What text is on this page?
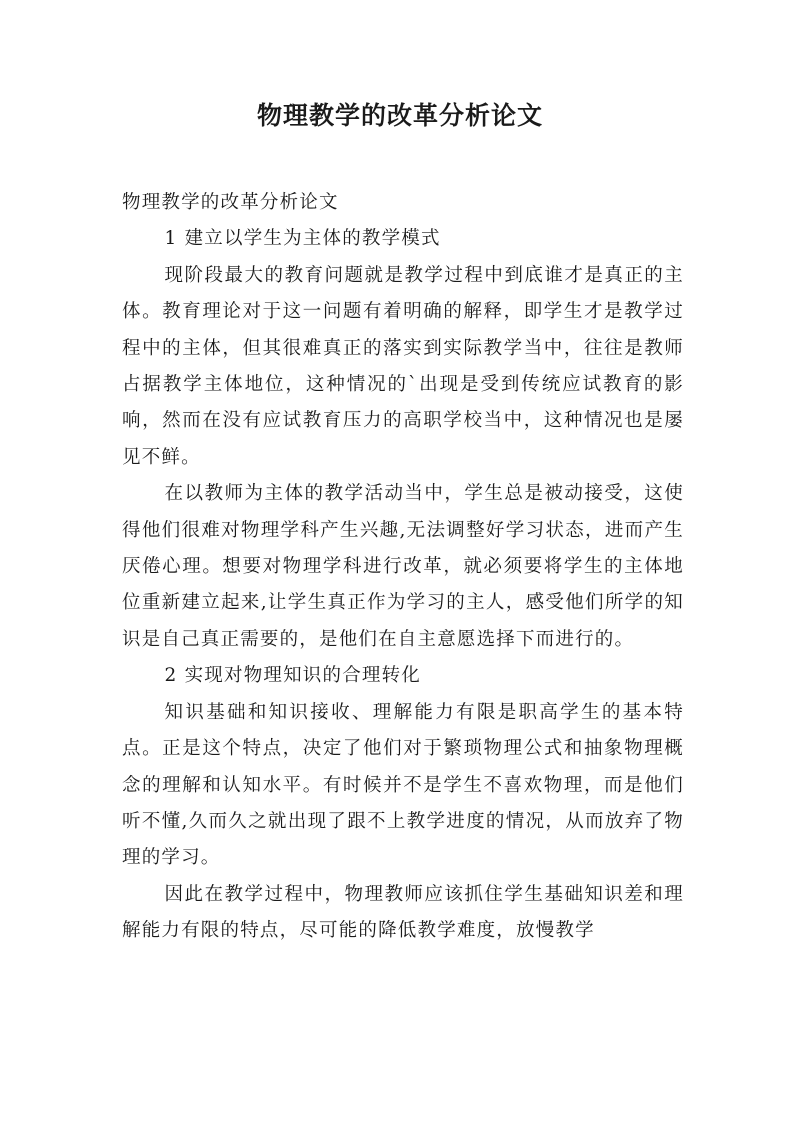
物理教学的改革分析论文

物理教学的改革分析论文

1 建立以学生为主体的教学模式

现阶段最大的教育问题就是教学过程中到底谁才是真正的主体。教育理论对于这一问题有着明确的解释，即学生才是教学过程中的主体，但其很难真正的落实到实际教学当中，往往是教师占据教学主体地位，这种情况的`出现是受到传统应试教育的影响，然而在没有应试教育压力的高职学校当中，这种情况也是屡见不鲜。

在以教师为主体的教学活动当中，学生总是被动接受，这使得他们很难对物理学科产生兴趣,无法调整好学习状态，进而产生厌倦心理。想要对物理学科进行改革，就必须要将学生的主体地位重新建立起来,让学生真正作为学习的主人，感受他们所学的知识是自己真正需要的，是他们在自主意愿选择下而进行的。

2 实现对物理知识的合理转化

知识基础和知识接收、理解能力有限是职高学生的基本特点。正是这个特点，决定了他们对于繁琐物理公式和抽象物理概念的理解和认知水平。有时候并不是学生不喜欢物理，而是他们听不懂,久而久之就出现了跟不上教学进度的情况，从而放弃了物理的学习。

因此在教学过程中，物理教师应该抓住学生基础知识差和理解能力有限的特点，尽可能的降低教学难度，放慢教学
